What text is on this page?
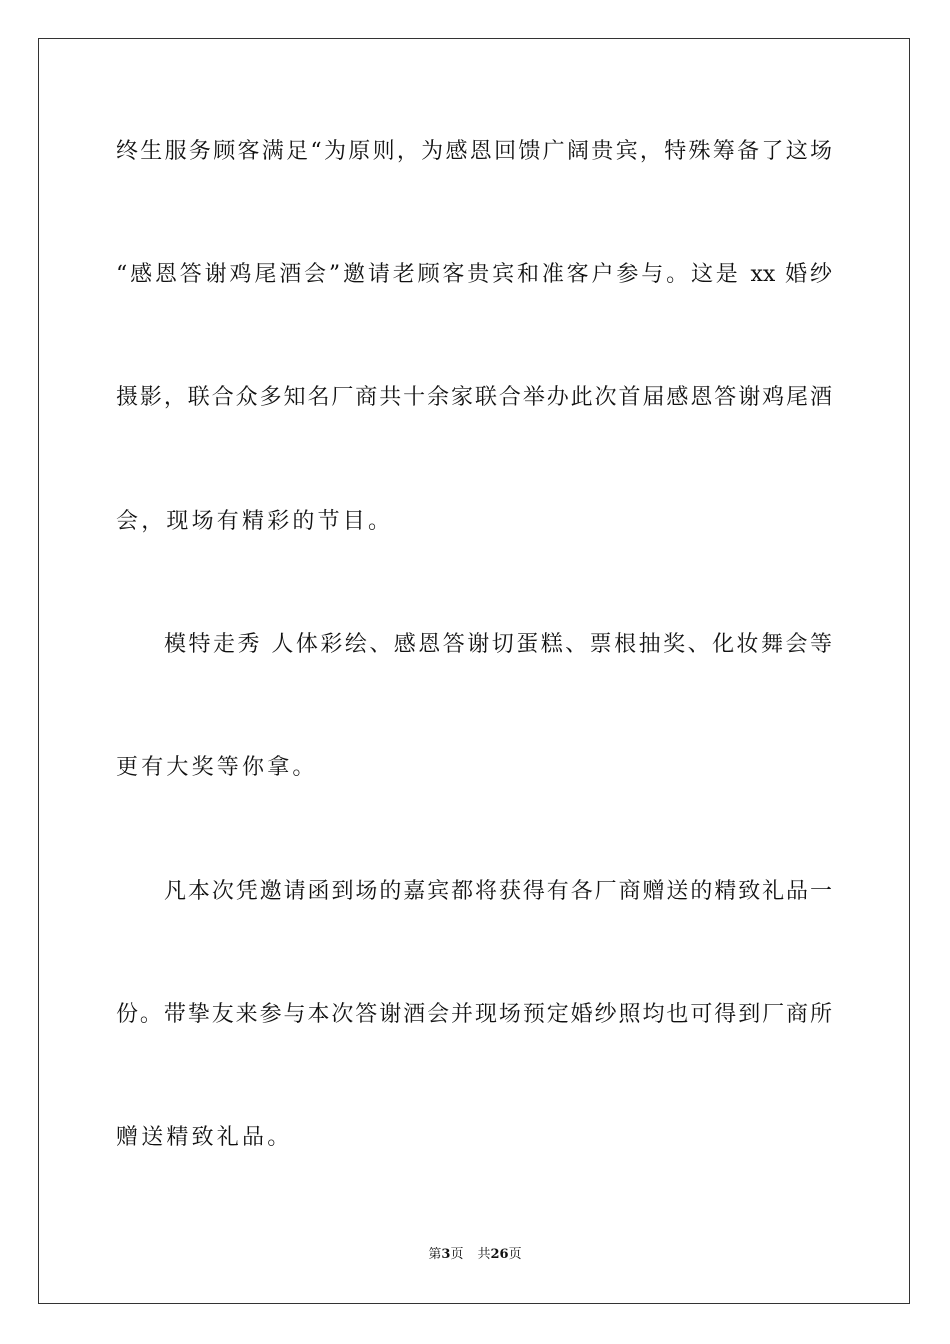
终生服务顾客满足“为原则，为感恩回馈广阔贵宾，特殊筹备了这场
“感恩答谢鸡尾酒会”邀请老顾客贵宾和准客户参与。这是 xx 婚纱
摄影，联合众多知名厂商共十余家联合举办此次首届感恩答谢鸡尾酒
会，现场有精彩的节目。
模特走秀 人体彩绘、感恩答谢切蛋糕、票根抽奖、化妆舞会等
更有大奖等你拿。
凡本次凭邀请函到场的嘉宾都将获得有各厂商赠送的精致礼品一
份。带挚友来参与本次答谢酒会并现场预定婚纱照均也可得到厂商所
赠送精致礼品。
第3页 共26页
